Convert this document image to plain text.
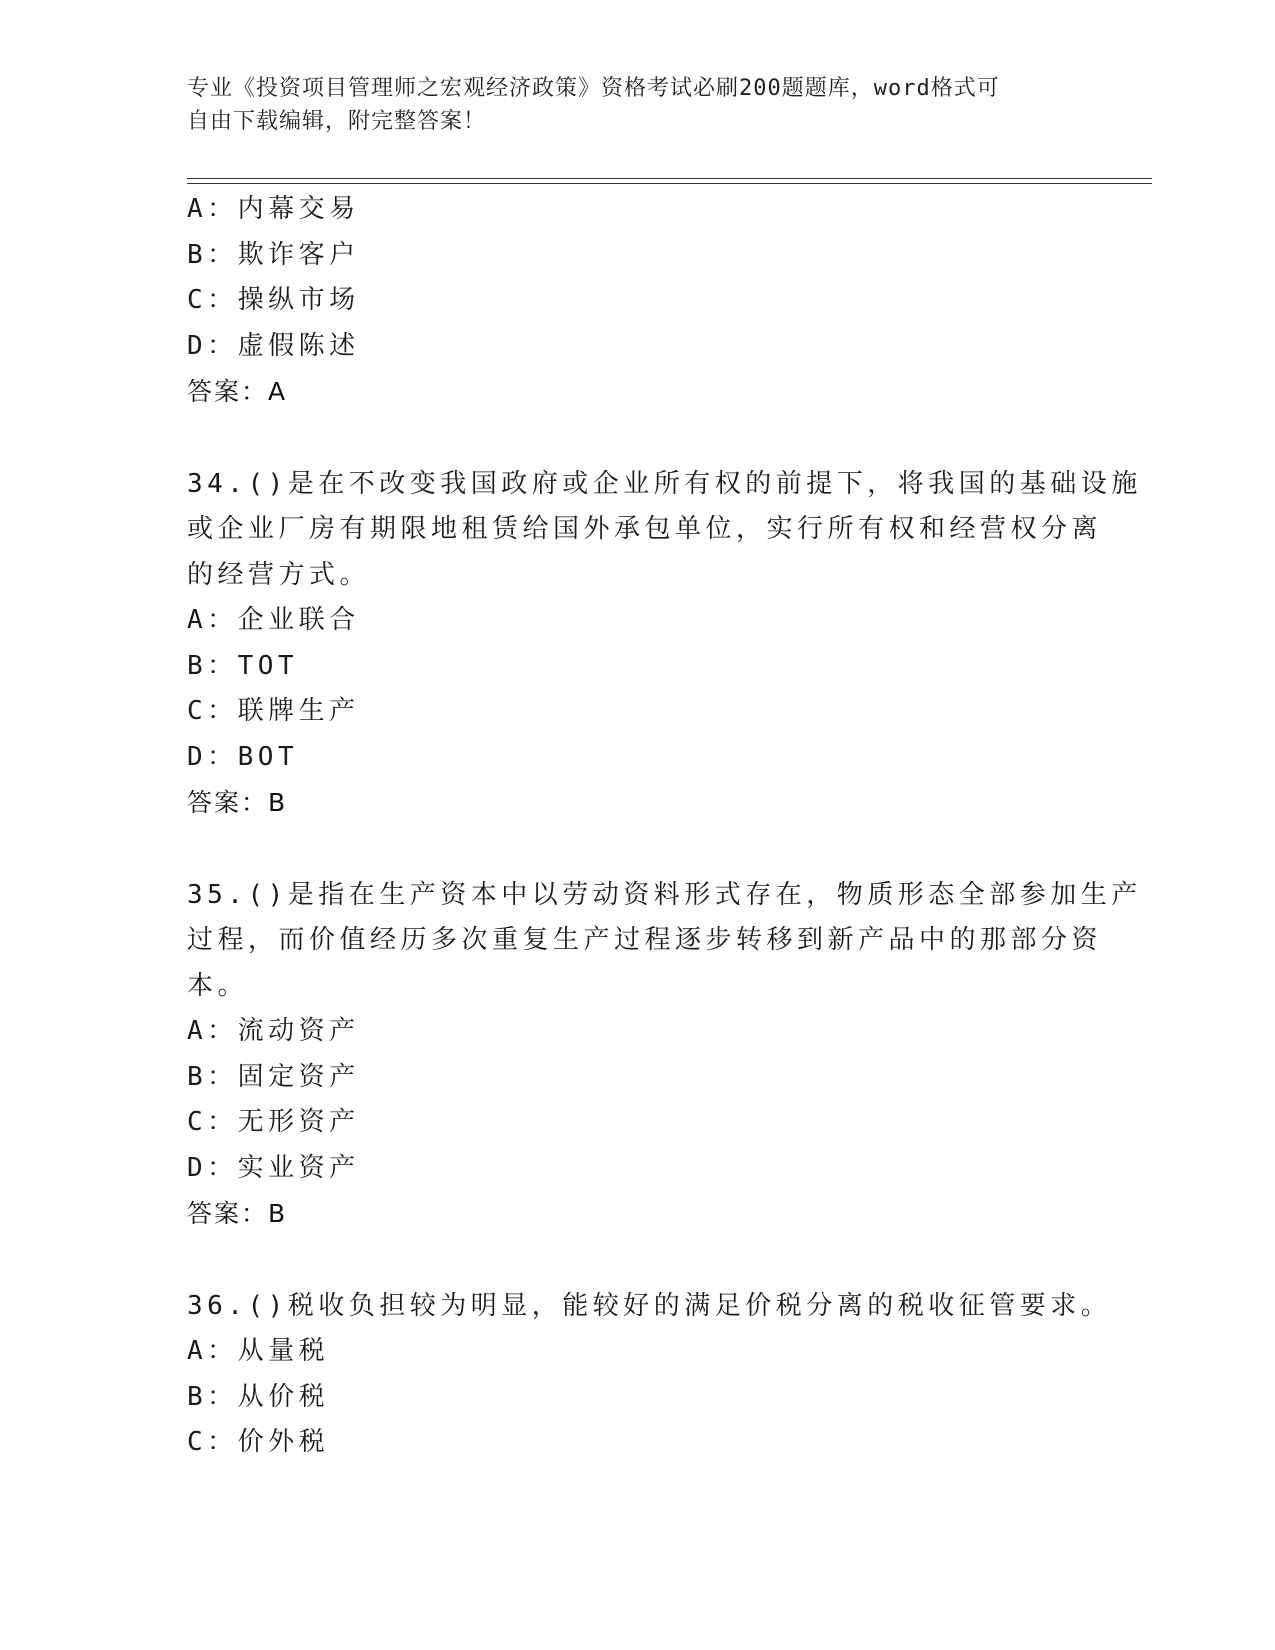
专业《投资项目管理师之宏观经济政策》资格考试必刷200题题库，word格式可
自由下载编辑，附完整答案！
A：内幕交易
B：欺诈客户
C：操纵市场
D：虚假陈述
答案：A
34.()是在不改变我国政府或企业所有权的前提下，将我国的基础设施
或企业厂房有期限地租赁给国外承包单位，实行所有权和经营权分离
的经营方式。
A：企业联合
B：TOT
C：联牌生产
D：BOT
答案：B
35.()是指在生产资本中以劳动资料形式存在，物质形态全部参加生产
过程，而价值经历多次重复生产过程逐步转移到新产品中的那部分资
本。
A：流动资产
B：固定资产
C：无形资产
D：实业资产
答案：B
36.()税收负担较为明显，能较好的满足价税分离的税收征管要求。
A：从量税
B：从价税
C：价外税
